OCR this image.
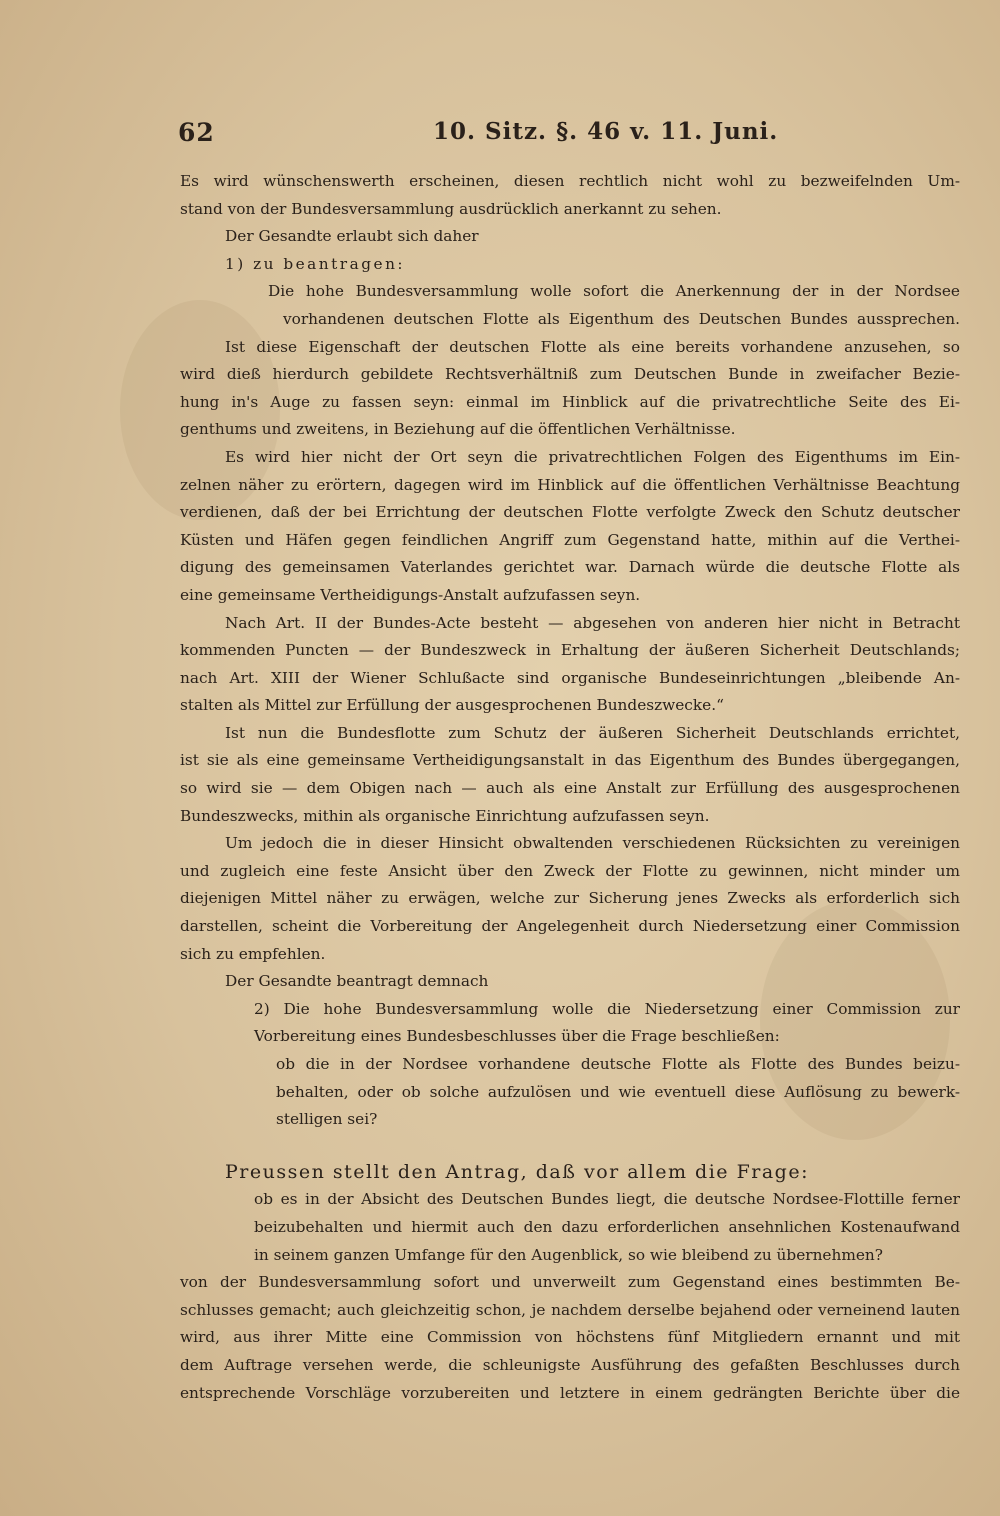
62	10. Sitz. §. 46 v. 11. Juni.
Es wird wünschenswerth erscheinen, diesen rechtlich nicht wohl zu bezweifelnden Um-
stand von der Bundesversammlung ausdrücklich anerkannt zu sehen.
Der Gesandte erlaubt sich daher
1) zu beantragen:
Die hohe Bundesversammlung wolle sofort die Anerkennung der in der Nordsee
vorhandenen deutschen Flotte als Eigenthum des Deutschen Bundes aussprechen.
Ist diese Eigenschaft der deutschen Flotte als eine bereits vorhandene anzusehen, so
wird dieß hierdurch gebildete Rechtsverhältniß zum Deutschen Bunde in zweifacher Bezie-
hung in's Auge zu fassen seyn: einmal im Hinblick auf die privatrechtliche Seite des Ei-
genthums und zweitens, in Beziehung auf die öffentlichen Verhältnisse.
Es wird hier nicht der Ort seyn die privatrechtlichen Folgen des Eigenthums im Ein-
zelnen näher zu erörtern, dagegen wird im Hinblick auf die öffentlichen Verhältnisse Beachtung
verdienen, daß der bei Errichtung der deutschen Flotte verfolgte Zweck den Schutz deutscher
Küsten und Häfen gegen feindlichen Angriff zum Gegenstand hatte, mithin auf die Verthei-
digung des gemeinsamen Vaterlandes gerichtet war. Darnach würde die deutsche Flotte als
eine gemeinsame Vertheidigungs-Anstalt aufzufassen seyn.
Nach Art. II der Bundes-Acte besteht — abgesehen von anderen hier nicht in Betracht
kommenden Puncten — der Bundeszweck in Erhaltung der äußeren Sicherheit Deutschlands;
nach Art. XIII der Wiener Schlußacte sind organische Bundeseinrichtungen „bleibende An-
stalten als Mittel zur Erfüllung der ausgesprochenen Bundeszwecke.“
Ist nun die Bundesflotte zum Schutz der äußeren Sicherheit Deutschlands errichtet,
ist sie als eine gemeinsame Vertheidigungsanstalt in das Eigenthum des Bundes übergegangen,
so wird sie — dem Obigen nach — auch als eine Anstalt zur Erfüllung des ausgesprochenen
Bundeszwecks, mithin als organische Einrichtung aufzufassen seyn.
Um jedoch die in dieser Hinsicht obwaltenden verschiedenen Rücksichten zu vereinigen
und zugleich eine feste Ansicht über den Zweck der Flotte zu gewinnen, nicht minder um
diejenigen Mittel näher zu erwägen, welche zur Sicherung jenes Zwecks als erforderlich sich
darstellen, scheint die Vorbereitung der Angelegenheit durch Niedersetzung einer Commission
sich zu empfehlen.
Der Gesandte beantragt demnach
2) Die hohe Bundesversammlung wolle die Niedersetzung einer Commission zur
Vorbereitung eines Bundesbeschlusses über die Frage beschließen:
ob die in der Nordsee vorhandene deutsche Flotte als Flotte des Bundes beizu-
behalten, oder ob solche aufzulösen und wie eventuell diese Auflösung zu bewerk-
stelligen sei?
Preussen stellt den Antrag, daß vor allem die Frage:
ob es in der Absicht des Deutschen Bundes liegt, die deutsche Nordsee-Flottille ferner
beizubehalten und hiermit auch den dazu erforderlichen ansehnlichen Kostenaufwand
in seinem ganzen Umfange für den Augenblick, so wie bleibend zu übernehmen?
von der Bundesversammlung sofort und unverweilt zum Gegenstand eines bestimmten Be-
schlusses gemacht; auch gleichzeitig schon, je nachdem derselbe bejahend oder verneinend lauten
wird, aus ihrer Mitte eine Commission von höchstens fünf Mitgliedern ernannt und mit
dem Auftrage versehen werde, die schleunigste Ausführung des gefaßten Beschlusses durch
entsprechende Vorschläge vorzubereiten und letztere in einem gedrängten Berichte über die
